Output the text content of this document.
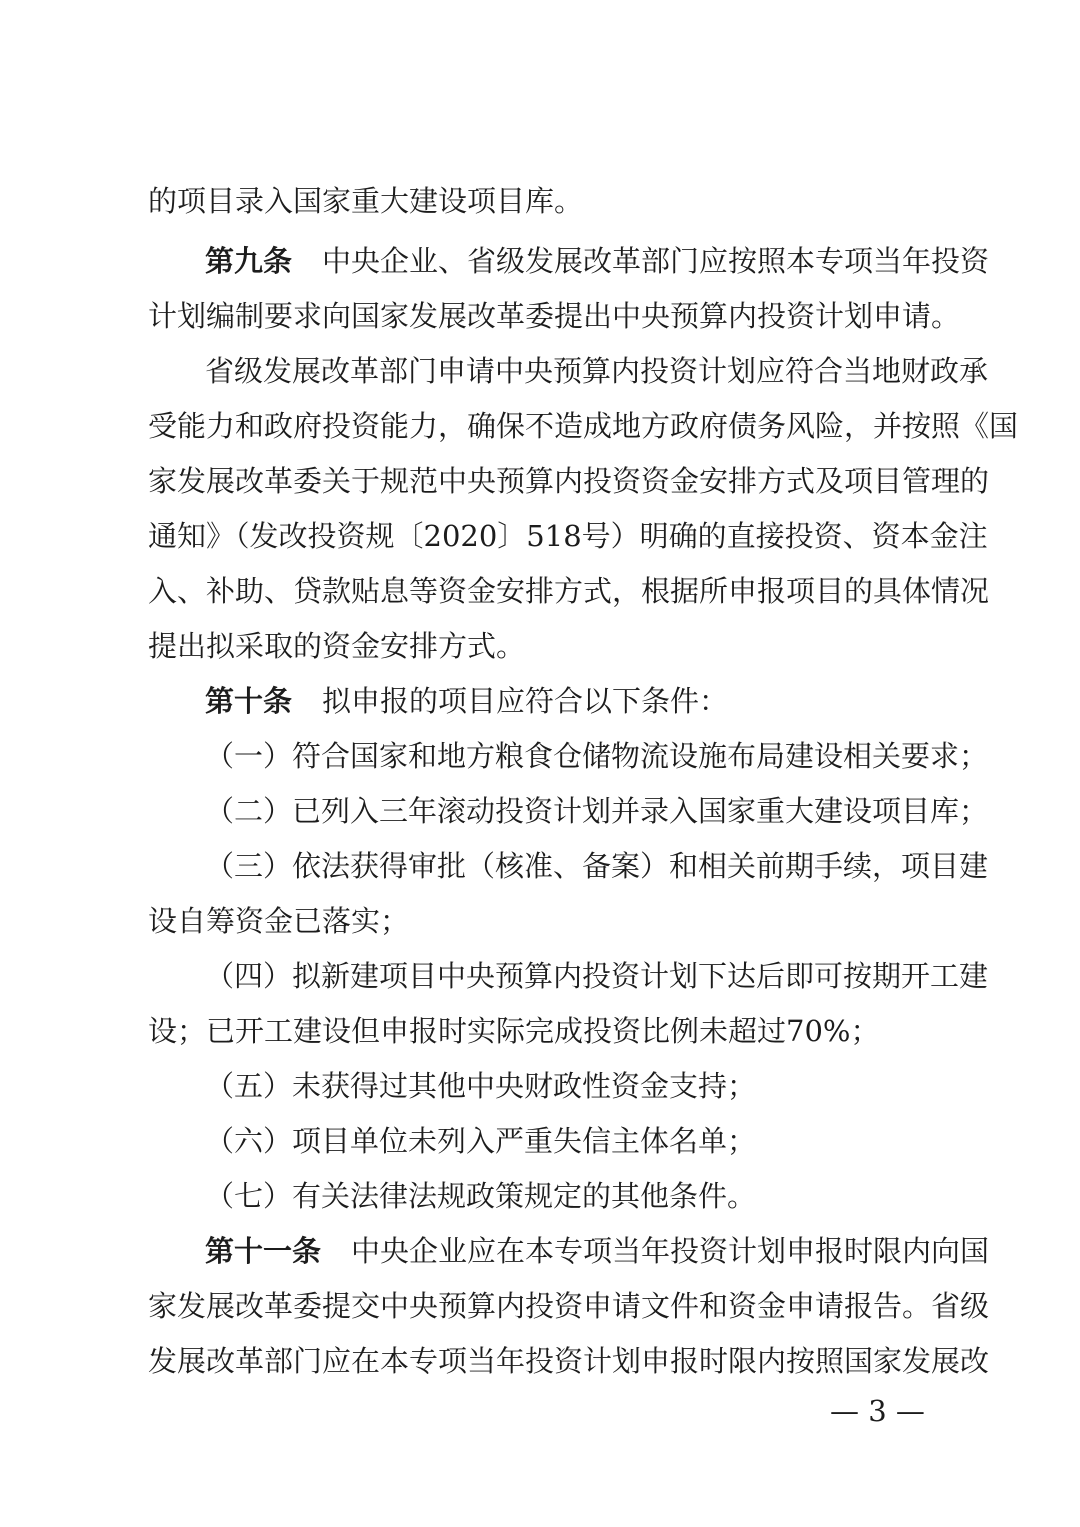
的项目录入国家重大建设项目库。
第九条 中央企业、省级发展改革部门应按照本专项当年投资
计划编制要求向国家发展改革委提出中央预算内投资计划申请。
省级发展改革部门申请中央预算内投资计划应符合当地财政承
受能力和政府投资能力，确保不造成地方政府债务风险，并按照《国
家发展改革委关于规范中央预算内投资资金安排方式及项目管理的
通知》（发改投资规〔2020〕518号）明确的直接投资、资本金注
入、补助、贷款贴息等资金安排方式，根据所申报项目的具体情况
提出拟采取的资金安排方式。
第十条 拟申报的项目应符合以下条件：
（一）符合国家和地方粮食仓储物流设施布局建设相关要求；
（二）已列入三年滚动投资计划并录入国家重大建设项目库；
（三）依法获得审批（核准、备案）和相关前期手续，项目建
设自筹资金已落实；
（四）拟新建项目中央预算内投资计划下达后即可按期开工建
设；已开工建设但申报时实际完成投资比例未超过70%；
（五）未获得过其他中央财政性资金支持；
（六）项目单位未列入严重失信主体名单；
（七）有关法律法规政策规定的其他条件。
第十一条 中央企业应在本专项当年投资计划申报时限内向国
家发展改革委提交中央预算内投资申请文件和资金申请报告。省级
发展改革部门应在本专项当年投资计划申报时限内按照国家发展改
— 3 —
